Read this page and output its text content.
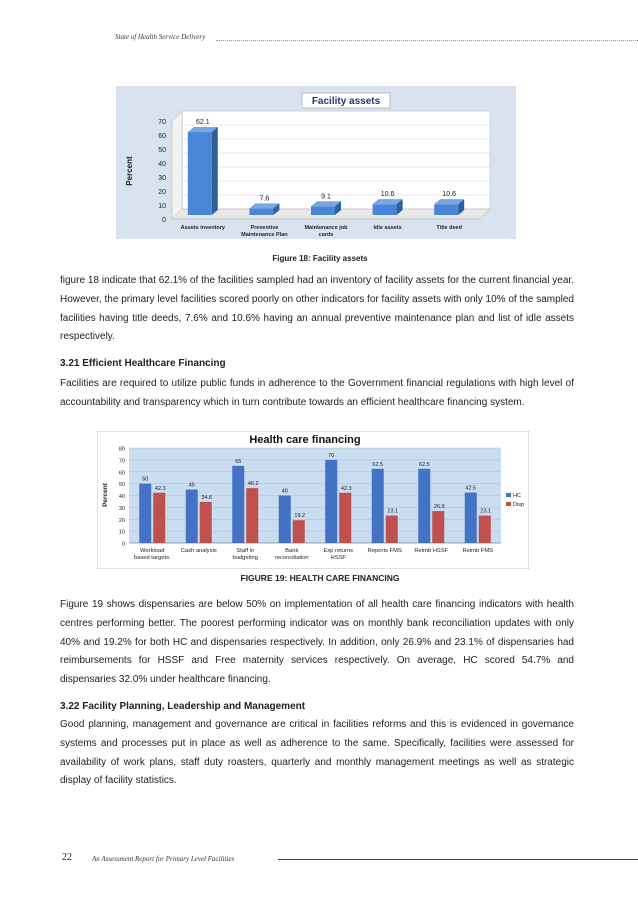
State of Health Service Delivery
Facility assets
0
10
20
30
40
50
60
70
Percent
62.1
Assets inventory
7.6
Preventive
Maintenance Plan
9.1
Maintenance job
cards
10.6
Idle assets
10.6
Title deed
Figure 18: Facility assets
figure 18 indicate that 62.1% of the facilities sampled had an inventory of facility assets for the current financial year. However, the primary level facilities scored poorly on other indicators for facility assets with only 10% of the sampled facilities having title deeds, 7.6% and 10.6% having an annual preventive maintenance plan and list of idle assets respectively.
3.21 Efficient Healthcare Financing
Facilities are required to utilize public funds in adherence to the Government financial regulations with high level of accountability and transparency which in turn contribute towards an efficient healthcare financing system.
Health care financing
0
10
20
30
40
50
60
70
80
Percent
50
42.3
Workload
based targets.
45
34.6
Cash analysis
65
46.2
Staff in
budgeting
40
19.2
Bank
reconciliation
70
42.3
Exp returns
HSSF
62.5
23.1
Reports FMS
62.5
26.9
Reimb HSSF
42.5
23.1
Reimb FMS
HC
Disp
FIGURE 19: HEALTH CARE FINANCING
Figure 19 shows dispensaries are below 50% on implementation of all health care financing indicators with health centres performing better. The poorest performing indicator was on monthly bank reconciliation updates with only 40% and 19.2% for both HC and dispensaries respectively. In addition, only 26.9% and 23.1% of dispensaries had reimbursements for HSSF and Free maternity services respectively. On average, HC scored 54.7% and dispensaries 32.0% under healthcare financing.
3.22 Facility Planning, Leadership and Management
Good planning, management and governance are critical in facilities reforms and this is evidenced in governance systems and processes put in place as well as adherence to the same. Specifically, facilities were assessed for availability of work plans, staff duty roasters, quarterly and monthly management meetings as well as strategic display of facility statistics.
22	An Assessment Report for Primary Level Facilities
